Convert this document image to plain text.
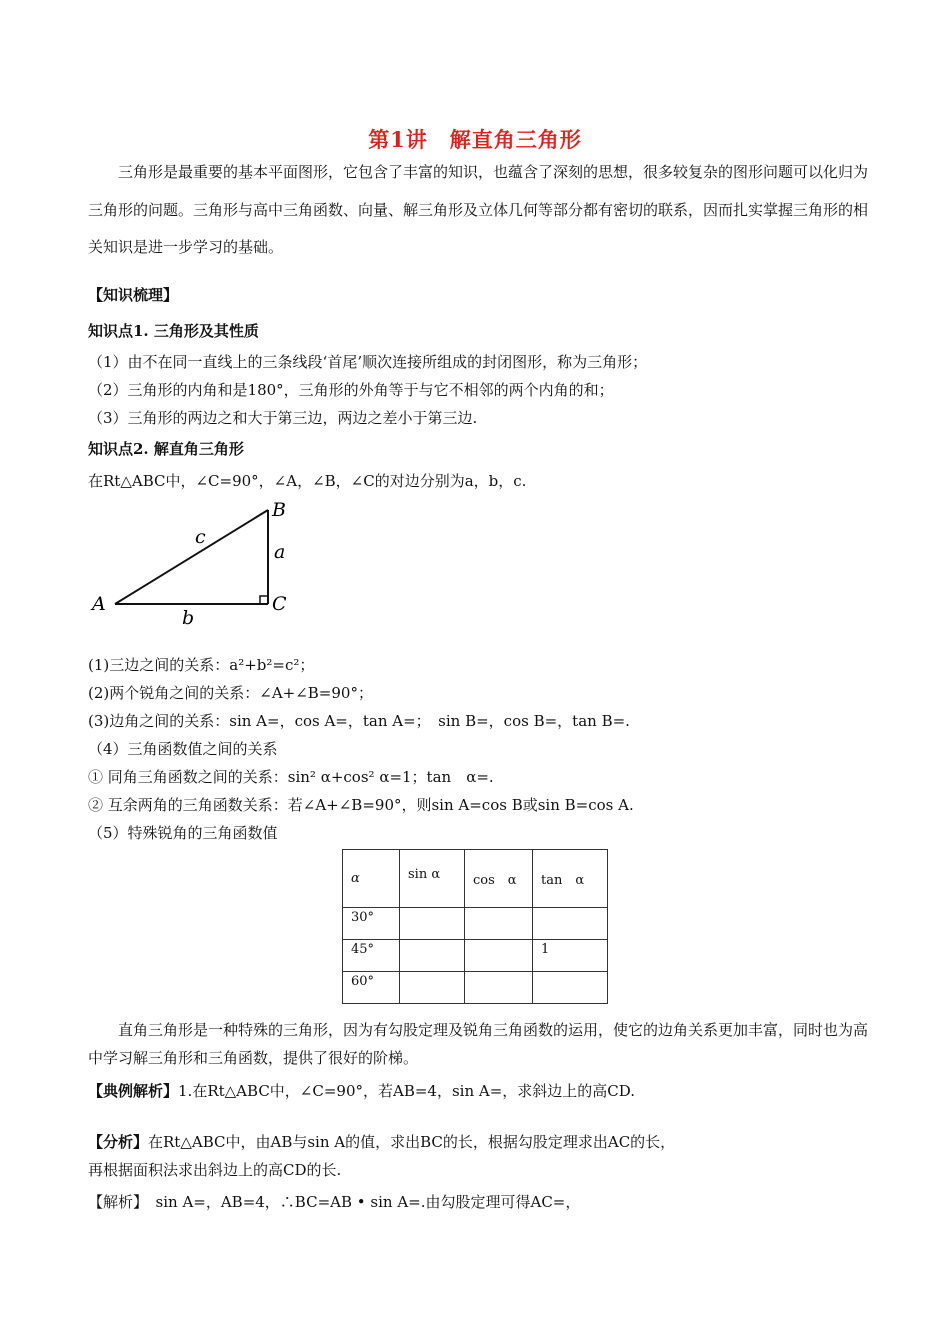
第1讲　解直角三角形
三角形是最重要的基本平面图形，它包含了丰富的知识，也蕴含了深刻的思想，很多较复杂的图形问题可以化归为三角形的问题。三角形与高中三角函数、向量、解三角形及立体几何等部分都有密切的联系，因而扎实掌握三角形的相关知识是进一步学习的基础。
【知识梳理】
知识点1. 三角形及其性质
（1）由不在同一直线上的三条线段‘首尾’顺次连接所组成的封闭图形，称为三角形；
（2）三角形的内角和是180°，三角形的外角等于与它不相邻的两个内角的和；
（3）三角形的两边之和大于第三边，两边之差小于第三边.
知识点2. 解直角三角形
在Rt△ABC中，∠C=90°，∠A，∠B，∠C的对边分别为a，b，c.
A
B
C
a
b
c
(1)三边之间的关系：a²+b²=c²；
(2)两个锐角之间的关系：∠A+∠B=90°；
(3)边角之间的关系：sin A=，cos A=，tan A=；　sin B=，cos B=，tan B=.
（4）三角函数值之间的关系
① 同角三角函数之间的关系：sin² α+cos² α=1；tan　α=.
② 互余两角的三角函数关系：若∠A+∠B=90°，则sin A=cos B或sin B=cos A.
（5）特殊锐角的三角函数值
α	sin α	cos　α	tan　α
30°			
45°			1
60°			
直角三角形是一种特殊的三角形，因为有勾股定理及锐角三角函数的运用，使它的边角关系更加丰富，同时也为高中学习解三角形和三角函数，提供了很好的阶梯。
【典例解析】1.在Rt△ABC中，∠C=90°，若AB=4，sin A=，求斜边上的高CD.
【分析】在Rt△ABC中，由AB与sin A的值，求出BC的长，根据勾股定理求出AC的长，
再根据面积法求出斜边上的高CD的长.
【解析】　sin A=，AB=4，∴BC=AB • sin A=.由勾股定理可得AC=，
